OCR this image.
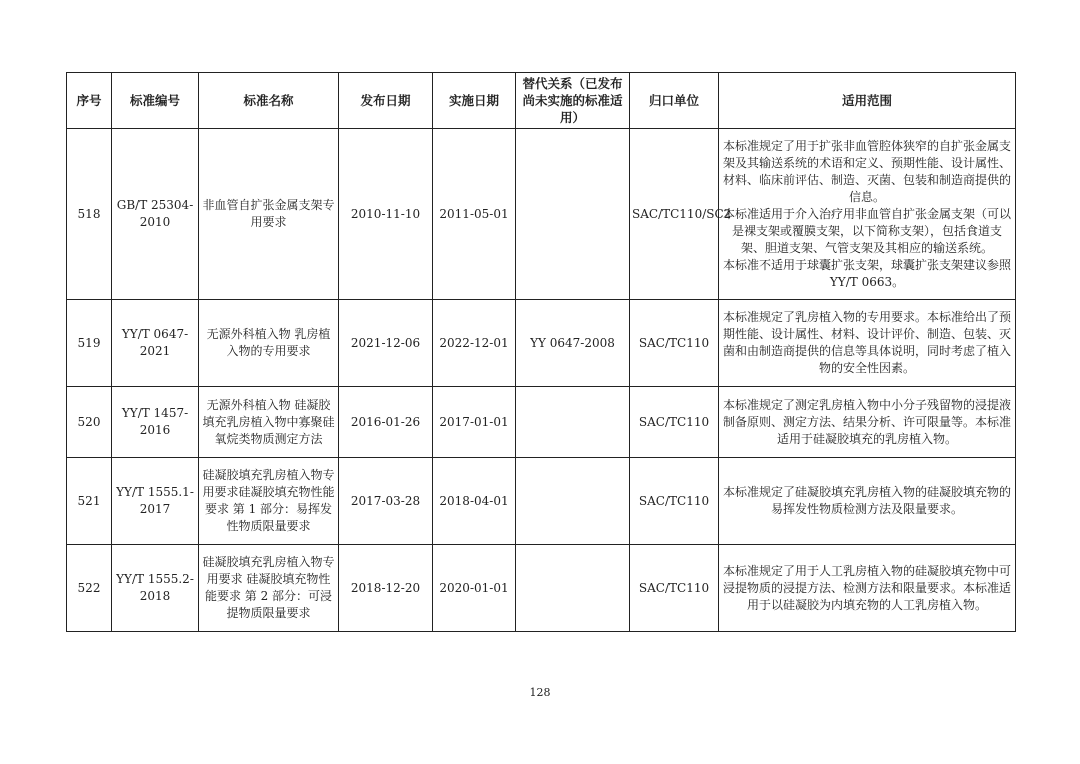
序号	标准编号	标准名称	发布日期	实施日期	替代关系（已发布尚未实施的标准适用）	归口单位	适用范围
518	GB/T 25304-2010	非血管自扩张金属支架专用要求	2010-11-10	2011-05-01		SAC/TC110/SC2	本标准规定了用于扩张非血管腔体狭窄的自扩张金属支架及其输送系统的术语和定义、预期性能、设计属性、材料、临床前评估、制造、灭菌、包装和制造商提供的信息。
本标准适用于介入治疗用非血管自扩张金属支架（可以是裸支架或覆膜支架，以下简称支架），包括食道支架、胆道支架、气管支架及其相应的输送系统。
本标准不适用于球囊扩张支架，球囊扩张支架建议参照 YY/T 0663。

519	YY/T 0647-2021	无源外科植入物 乳房植入物的专用要求	2021-12-06	2022-12-01	YY 0647-2008	SAC/TC110	本标准规定了乳房植入物的专用要求。本标准给出了预期性能、设计属性、材料、设计评价、制造、包装、灭菌和由制造商提供的信息等具体说明，同时考虑了植入物的安全性因素。

520	YY/T 1457-2016	无源外科植入物 硅凝胶填充乳房植入物中寡聚硅氧烷类物质测定方法	2016-01-26	2017-01-01		SAC/TC110	本标准规定了测定乳房植入物中小分子残留物的浸提液制备原则、测定方法、结果分析、许可限量等。本标准适用于硅凝胶填充的乳房植入物。

521	YY/T 1555.1-2017	硅凝胶填充乳房植入物专用要求硅凝胶填充物性能要求 第 1 部分：易挥发性物质限量要求	2017-03-28	2018-04-01		SAC/TC110	本标准规定了硅凝胶填充乳房植入物的硅凝胶填充物的易挥发性物质检测方法及限量要求。

522	YY/T 1555.2-2018	硅凝胶填充乳房植入物专用要求 硅凝胶填充物性能要求 第 2 部分：可浸提物质限量要求	2018-12-20	2020-01-01		SAC/TC110	本标准规定了用于人工乳房植入物的硅凝胶填充物中可浸提物质的浸提方法、检测方法和限量要求。本标准适用于以硅凝胶为内填充物的人工乳房植入物。
128
